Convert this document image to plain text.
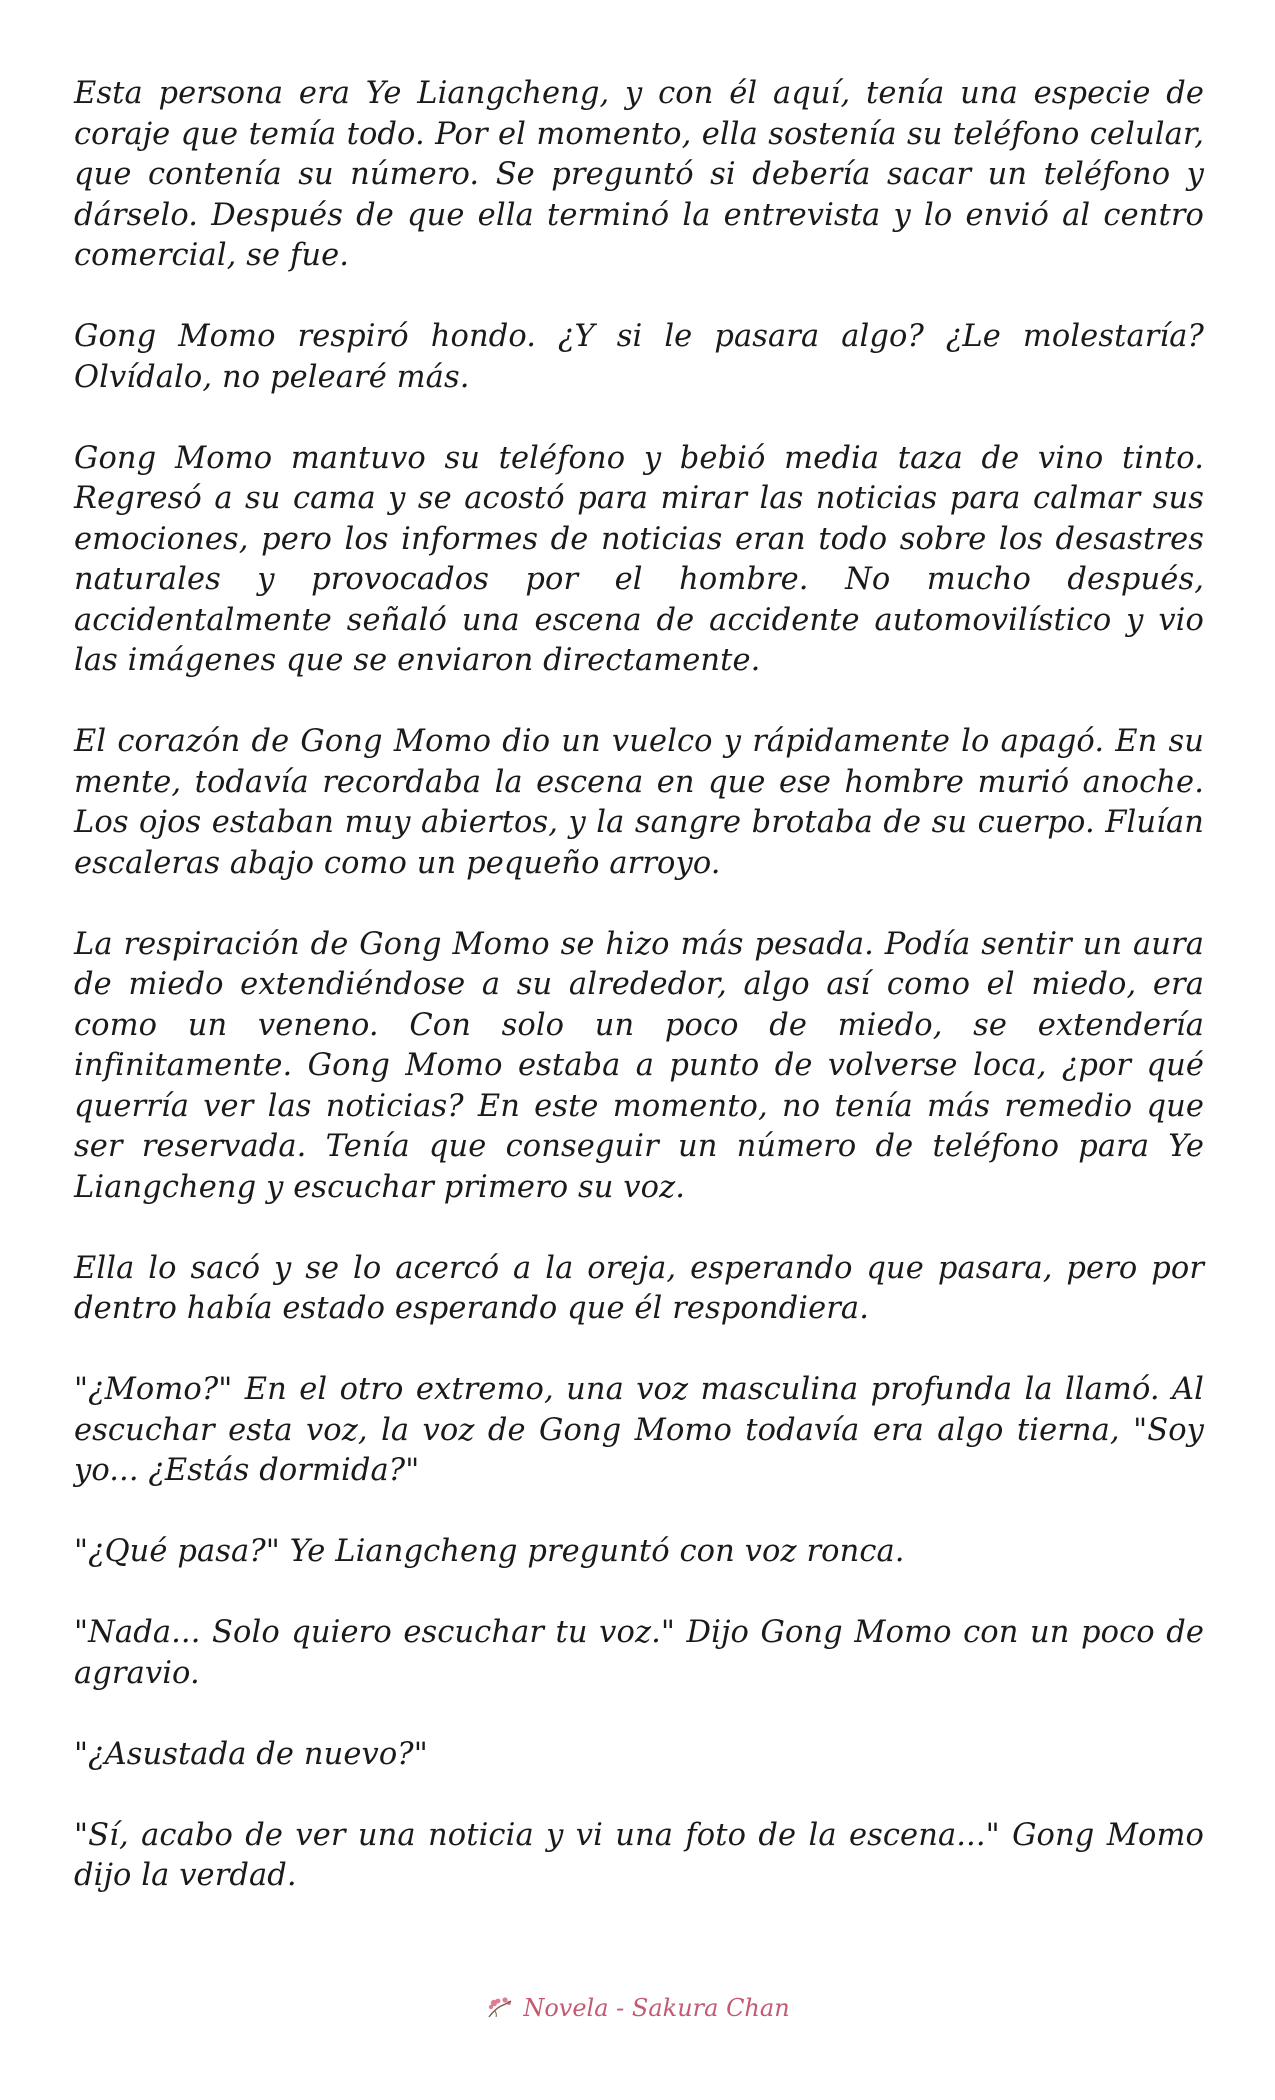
Esta persona era Ye Liangcheng, y con él aquí, tenía una especie de coraje que temía todo. Por el momento, ella sostenía su teléfono celular, que contenía su número. Se preguntó si debería sacar un teléfono y dárselo. Después de que ella terminó la entrevista y lo envió al centro comercial, se fue.

Gong Momo respiró hondo. ¿Y si le pasara algo? ¿Le molestaría? Olvídalo, no pelearé más.

Gong Momo mantuvo su teléfono y bebió media taza de vino tinto. Regresó a su cama y se acostó para mirar las noticias para calmar sus emociones, pero los informes de noticias eran todo sobre los desastres naturales y provocados por el hombre. No mucho después, accidentalmente señaló una escena de accidente automovilístico y vio las imágenes que se enviaron directamente.

El corazón de Gong Momo dio un vuelco y rápidamente lo apagó. En su mente, todavía recordaba la escena en que ese hombre murió anoche. Los ojos estaban muy abiertos, y la sangre brotaba de su cuerpo. Fluían escaleras abajo como un pequeño arroyo.

La respiración de Gong Momo se hizo más pesada. Podía sentir un aura de miedo extendiéndose a su alrededor, algo así como el miedo, era como un veneno. Con solo un poco de miedo, se extendería infinitamente. Gong Momo estaba a punto de volverse loca, ¿por qué querría ver las noticias? En este momento, no tenía más remedio que ser reservada. Tenía que conseguir un número de teléfono para Ye Liangcheng y escuchar primero su voz.

Ella lo sacó y se lo acercó a la oreja, esperando que pasara, pero por dentro había estado esperando que él respondiera.

"¿Momo?" En el otro extremo, una voz masculina profunda la llamó. Al escuchar esta voz, la voz de Gong Momo todavía era algo tierna, "Soy yo... ¿Estás dormida?"

"¿Qué pasa?" Ye Liangcheng preguntó con voz ronca.

"Nada... Solo quiero escuchar tu voz." Dijo Gong Momo con un poco de agravio.

"¿Asustada de nuevo?"

"Sí, acabo de ver una noticia y vi una foto de la escena..." Gong Momo dijo la verdad.

Novela - Sakura Chan
